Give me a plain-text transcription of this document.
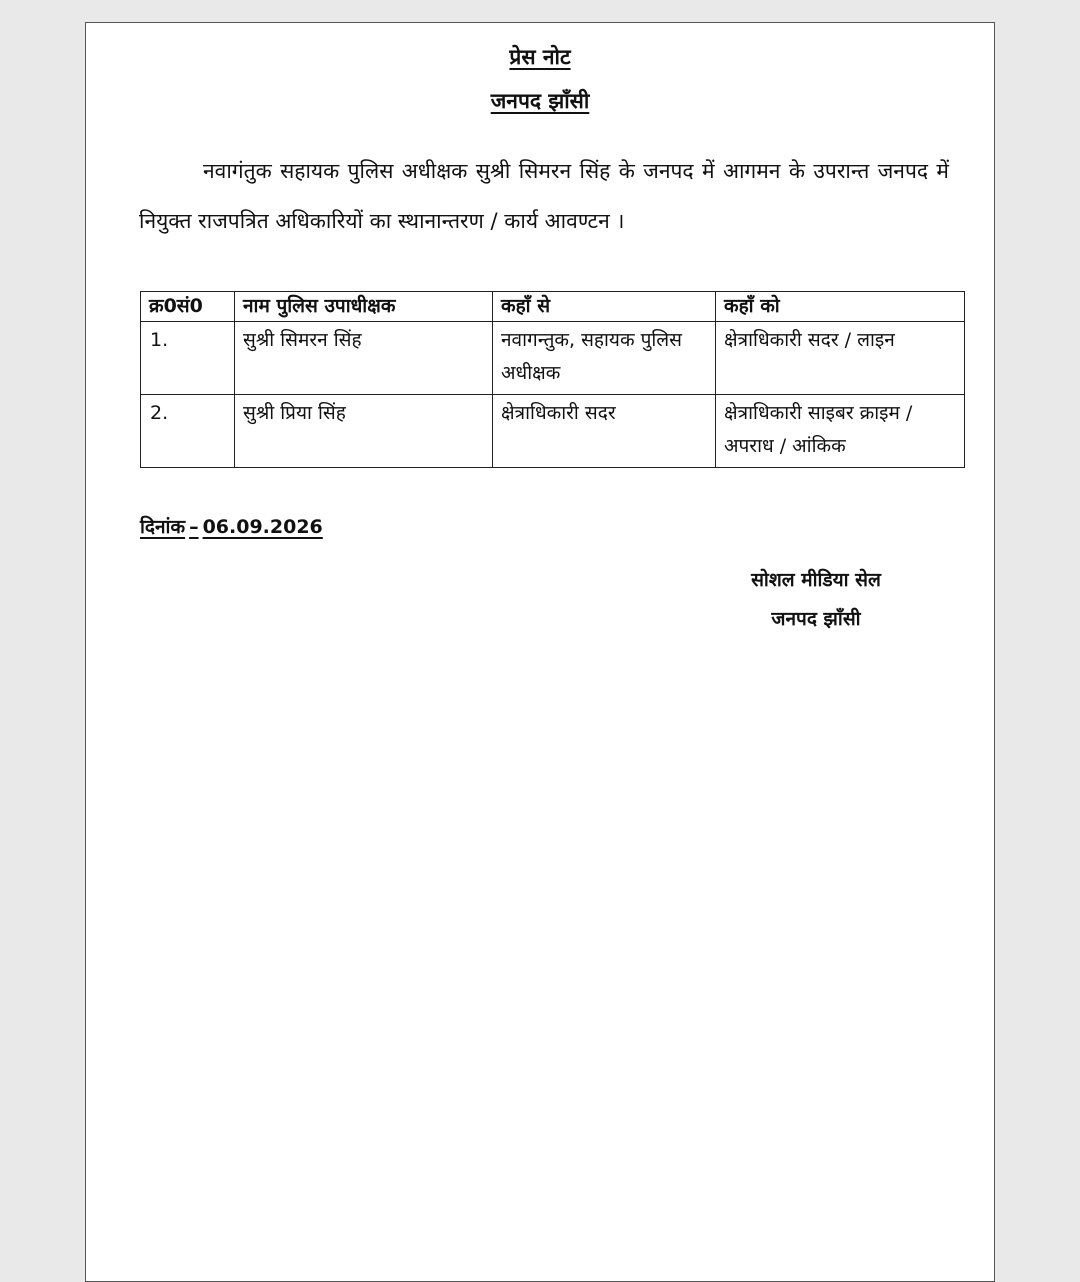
प्रेस नोट
जनपद झाँसी
नवागंतुक सहायक पुलिस अधीक्षक सुश्री सिमरन सिंह के जनपद में आगमन के उपरान्त जनपद में नियुक्त राजपत्रित अधिकारियों का स्थानान्तरण / कार्य आवण्टन ।
क्र0सं0	नाम पुलिस उपाधीक्षक	कहाँ से	कहाँ को
1.	सुश्री सिमरन सिंह	नवागन्तुक, सहायक पुलिस अधीक्षक	क्षेत्राधिकारी सदर / लाइन
2.	सुश्री प्रिया सिंह	क्षेत्राधिकारी सदर	क्षेत्राधिकारी साइबर क्राइम / अपराध / आंकिक
दिनांक – 06.09.2026
सोशल मीडिया सेल
जनपद झाँसी
